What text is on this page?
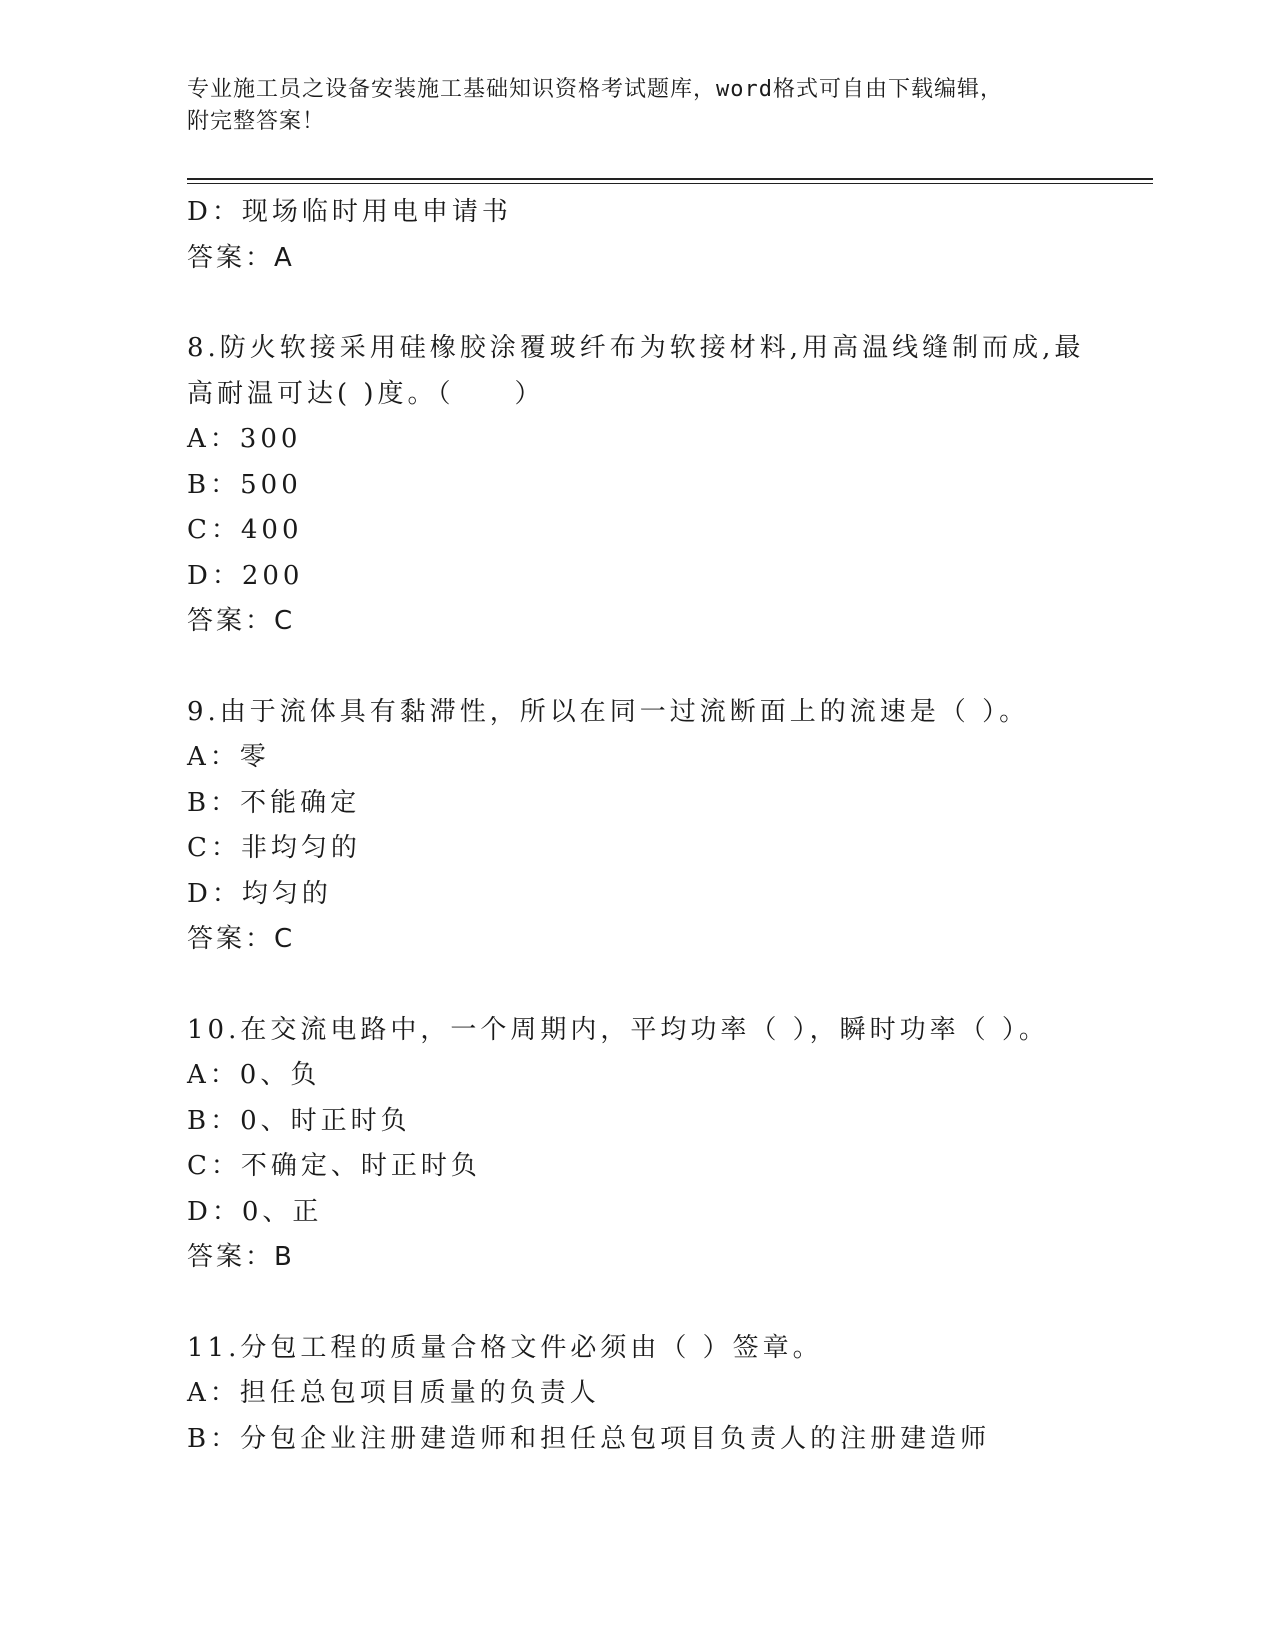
专业施工员之设备安装施工基础知识资格考试题库，word格式可自由下载编辑，
附完整答案！
D：现场临时用电申请书
答案：A
8.防火软接采用硅橡胶涂覆玻纤布为软接材料,用高温线缝制而成,最
高耐温可达( )度。（　　）
A：300
B：500
C：400
D：200
答案：C
9.由于流体具有黏滞性，所以在同一过流断面上的流速是（ ）。
A：零
B：不能确定
C：非均匀的
D：均匀的
答案：C
10.在交流电路中，一个周期内，平均功率（ ），瞬时功率（ ）。
A：0、负
B：0、时正时负
C：不确定、时正时负
D：0、正
答案：B
11.分包工程的质量合格文件必须由（ ）签章。
A：担任总包项目质量的负责人
B：分包企业注册建造师和担任总包项目负责人的注册建造师
